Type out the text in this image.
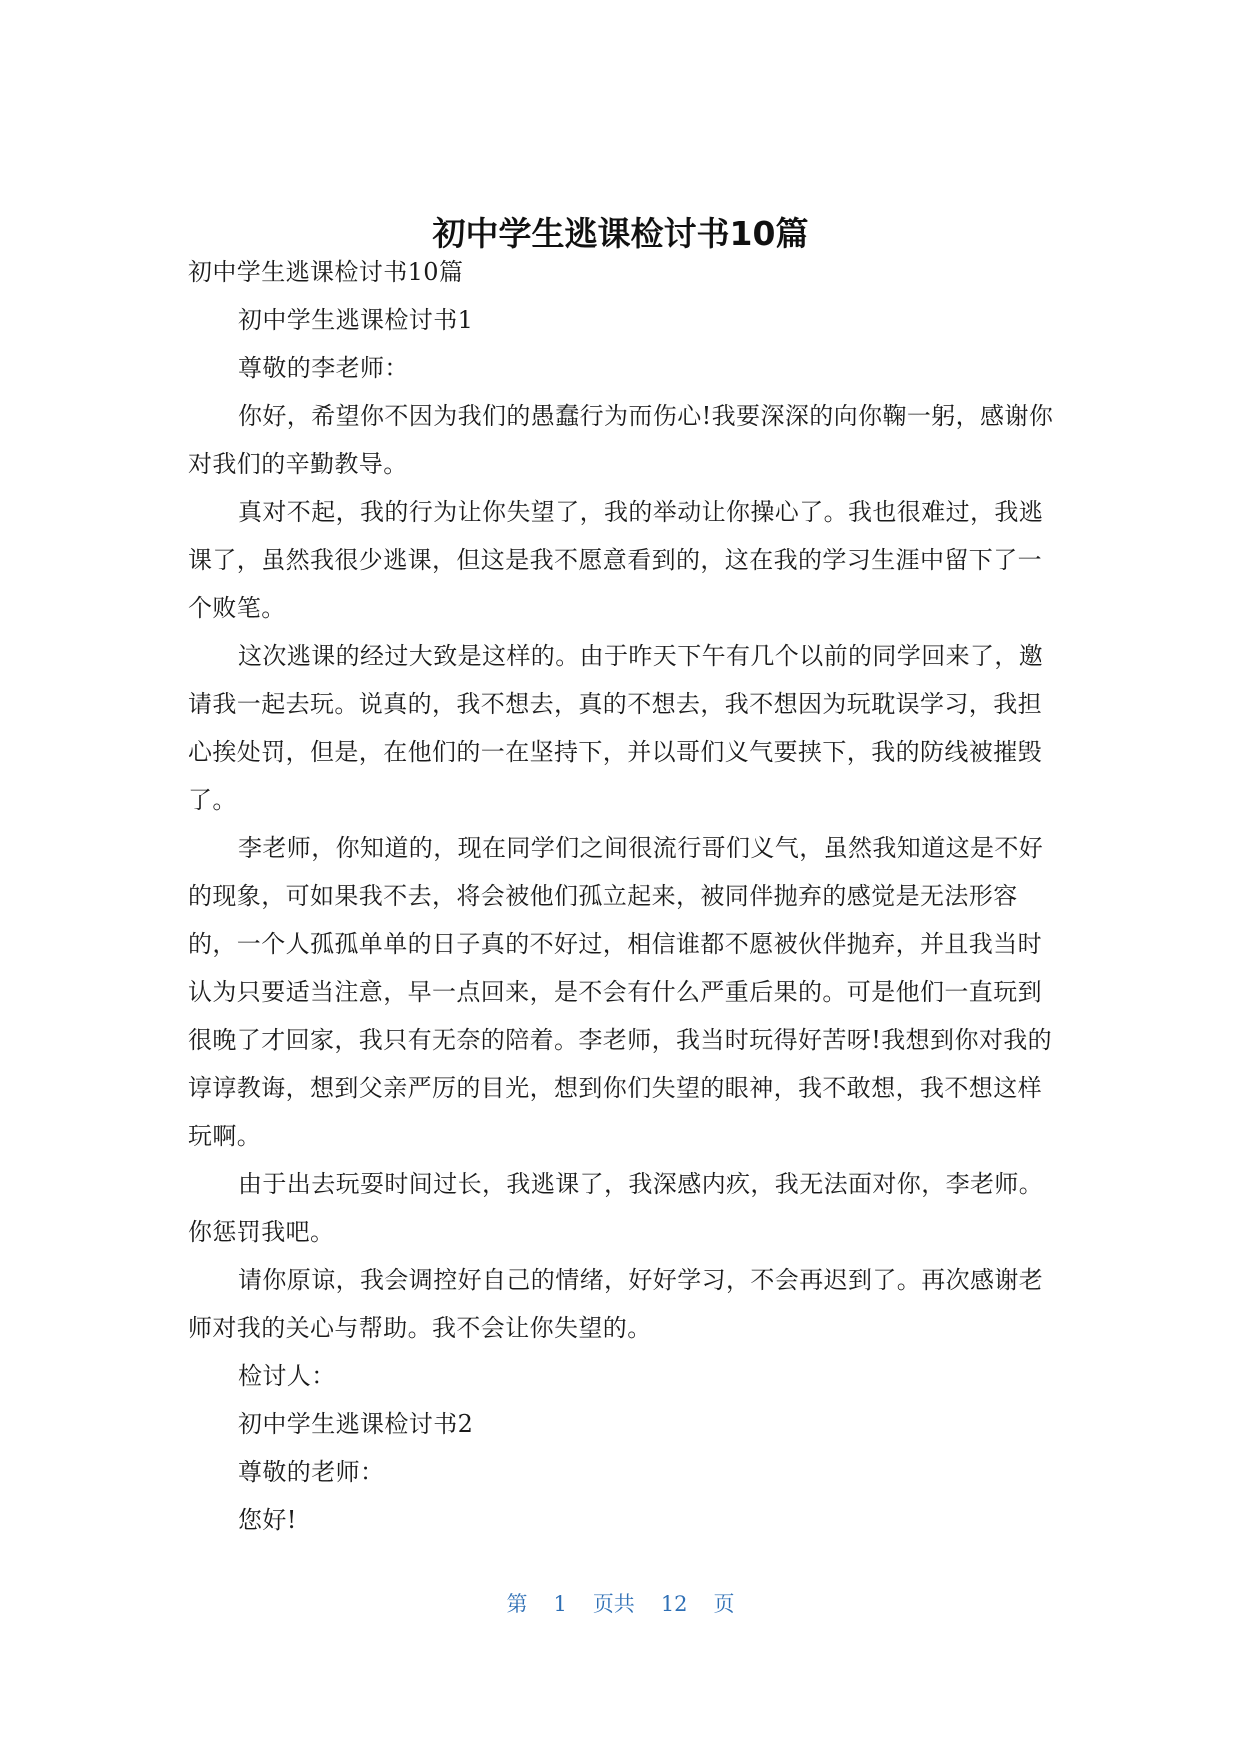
初中学生逃课检讨书10篇

初中学生逃课检讨书10篇

初中学生逃课检讨书1

尊敬的李老师：

你好，希望你不因为我们的愚蠢行为而伤心!我要深深的向你鞠一躬，感谢你对我们的辛勤教导。

真对不起，我的行为让你失望了，我的举动让你操心了。我也很难过，我逃课了，虽然我很少逃课，但这是我不愿意看到的，这在我的学习生涯中留下了一个败笔。

这次逃课的经过大致是这样的。由于昨天下午有几个以前的同学回来了，邀请我一起去玩。说真的，我不想去，真的不想去，我不想因为玩耽误学习，我担心挨处罚，但是，在他们的一在坚持下，并以哥们义气要挟下，我的防线被摧毁了。

李老师，你知道的，现在同学们之间很流行哥们义气，虽然我知道这是不好的现象，可如果我不去，将会被他们孤立起来，被同伴抛弃的感觉是无法形容的，一个人孤孤单单的日子真的不好过，相信谁都不愿被伙伴抛弃，并且我当时认为只要适当注意，早一点回来，是不会有什么严重后果的。可是他们一直玩到很晚了才回家，我只有无奈的陪着。李老师，我当时玩得好苦呀!我想到你对我的谆谆教诲，想到父亲严厉的目光，想到你们失望的眼神，我不敢想，我不想这样玩啊。

由于出去玩耍时间过长，我逃课了，我深感内疚，我无法面对你，李老师。你惩罚我吧。

请你原谅，我会调控好自己的情绪，好好学习，不会再迟到了。再次感谢老师对我的关心与帮助。我不会让你失望的。

检讨人：

初中学生逃课检讨书2

尊敬的老师：

您好!

第 1 页共 12 页
